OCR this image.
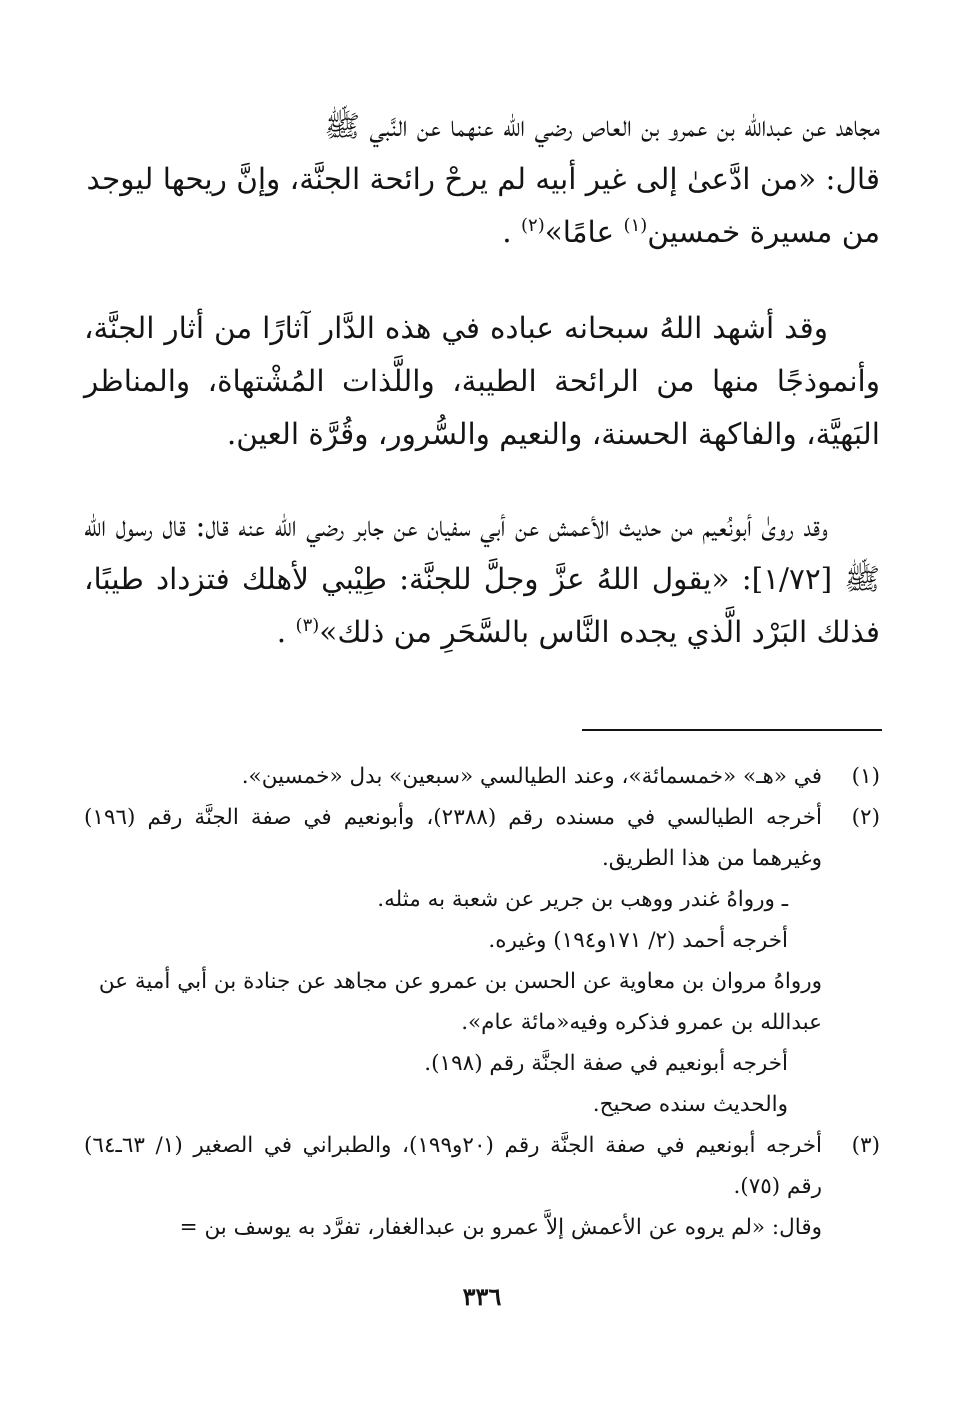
مجاهد عن عبدالله بن عمرو بن العاص رضي الله عنهما عن النَّبي ﷺ

قال: «من ادَّعىٰ إلى غير أبيه لم يرحْ رائحة الجنَّة، وإنَّ ريحها ليوجد

من مسيرة خمسين$^{(١)}$ عامًا»$^{(٢)}$ .

وقد أشهد اللهُ سبحانه عباده في هذه الدَّار آثارًا من أثار الجنَّة، وأنموذجًا منها من الرائحة الطيبة، واللَّذات المُشْتهاة، والمناظر البَهيَّة، والفاكهة الحسنة، والنعيم والسُّرور، وقُرَّة العين.

وقد روىٰ أبونُعيم من حديث الأعمش عن أبي سفيان عن جابر رضي الله عنه قال: قال رسول الله ﷺ [١/٧٢]: «يقول اللهُ عزَّ وجلَّ للجنَّة: طِيْبي لأهلك فتزداد طيبًا، فذلك البَرْد الَّذي يجده النَّاس بالسَّحَرِ من ذلك»$^{(٣)}$ .

(١)
في «هـ» «خمسمائة»، وعند الطيالسي «سبعين» بدل «خمسين».
(٢)
أخرجه الطيالسي في مسنده رقم (٢٣٨٨)، وأبونعيم في صفة الجنَّة رقم (١٩٦) وغيرهما من هذا الطريق.

ـ ورواهُ غندر ووهب بن جرير عن شعبة به مثله.

أخرجه أحمد (٢/ ١٧١و١٩٤) وغيره.

ورواهُ مروان بن معاوية عن الحسن بن عمرو عن مجاهد عن جنادة بن أبي أمية عن عبدالله بن عمرو فذكره وفيه«مائة عام».

أخرجه أبونعيم في صفة الجنَّة رقم (١٩٨).

والحديث سنده صحيح.

(٣)
أخرجه أبونعيم في صفة الجنَّة رقم (٢٠و١٩٩)، والطبراني في الصغير (١/ ٦٣ـ٦٤) رقم (٧٥).

وقال: «لم يروه عن الأعمش إلاَّ عمرو بن عبدالغفار، تفرَّد به يوسف بن =

٣٣٦
